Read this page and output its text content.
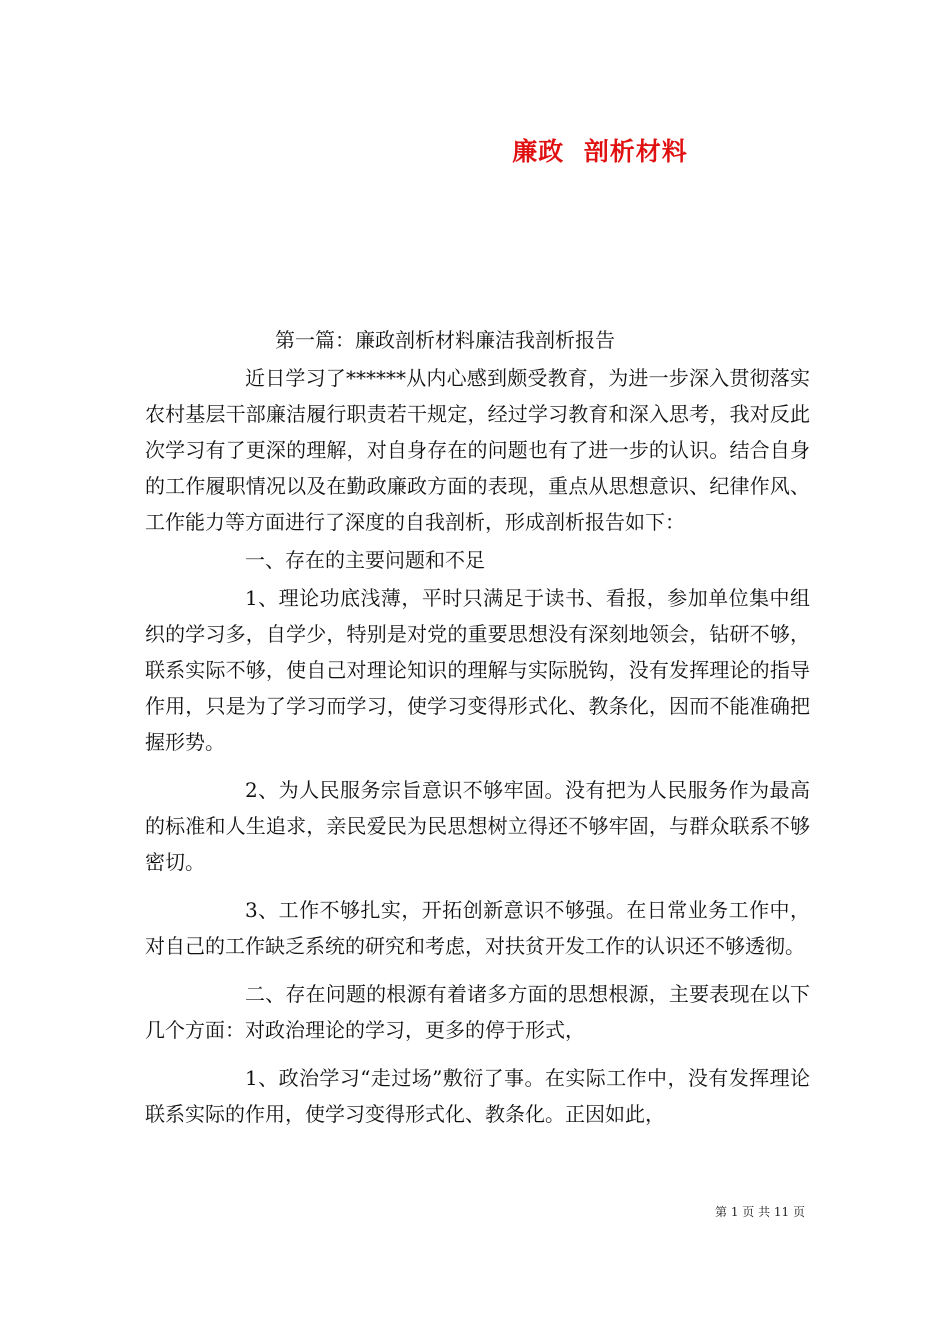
廉政  剖析材料
第一篇：廉政剖析材料廉洁我剖析报告

近日学习了******从内心感到颇受教育，为进一步深入贯彻落实农村基层干部廉洁履行职责若干规定，经过学习教育和深入思考，我对反此次学习有了更深的理解，对自身存在的问题也有了进一步的认识。结合自身的工作履职情况以及在勤政廉政方面的表现，重点从思想意识、纪律作风、工作能力等方面进行了深度的自我剖析，形成剖析报告如下：

一、存在的主要问题和不足

1、理论功底浅薄，平时只满足于读书、看报，参加单位集中组织的学习多，自学少，特别是对党的重要思想没有深刻地领会，钻研不够，联系实际不够，使自己对理论知识的理解与实际脱钩，没有发挥理论的指导作用，只是为了学习而学习，使学习变得形式化、教条化，因而不能准确把握形势。

2、为人民服务宗旨意识不够牢固。没有把为人民服务作为最高的标准和人生追求，亲民爱民为民思想树立得还不够牢固，与群众联系不够密切。

3、工作不够扎实，开拓创新意识不够强。在日常业务工作中，对自己的工作缺乏系统的研究和考虑，对扶贫开发工作的认识还不够透彻。

二、存在问题的根源有着诸多方面的思想根源，主要表现在以下几个方面：对政治理论的学习，更多的停于形式，

1、政治学习“走过场”敷衍了事。在实际工作中，没有发挥理论联系实际的作用，使学习变得形式化、教条化。正因如此，

第 1 页 共 11 页
